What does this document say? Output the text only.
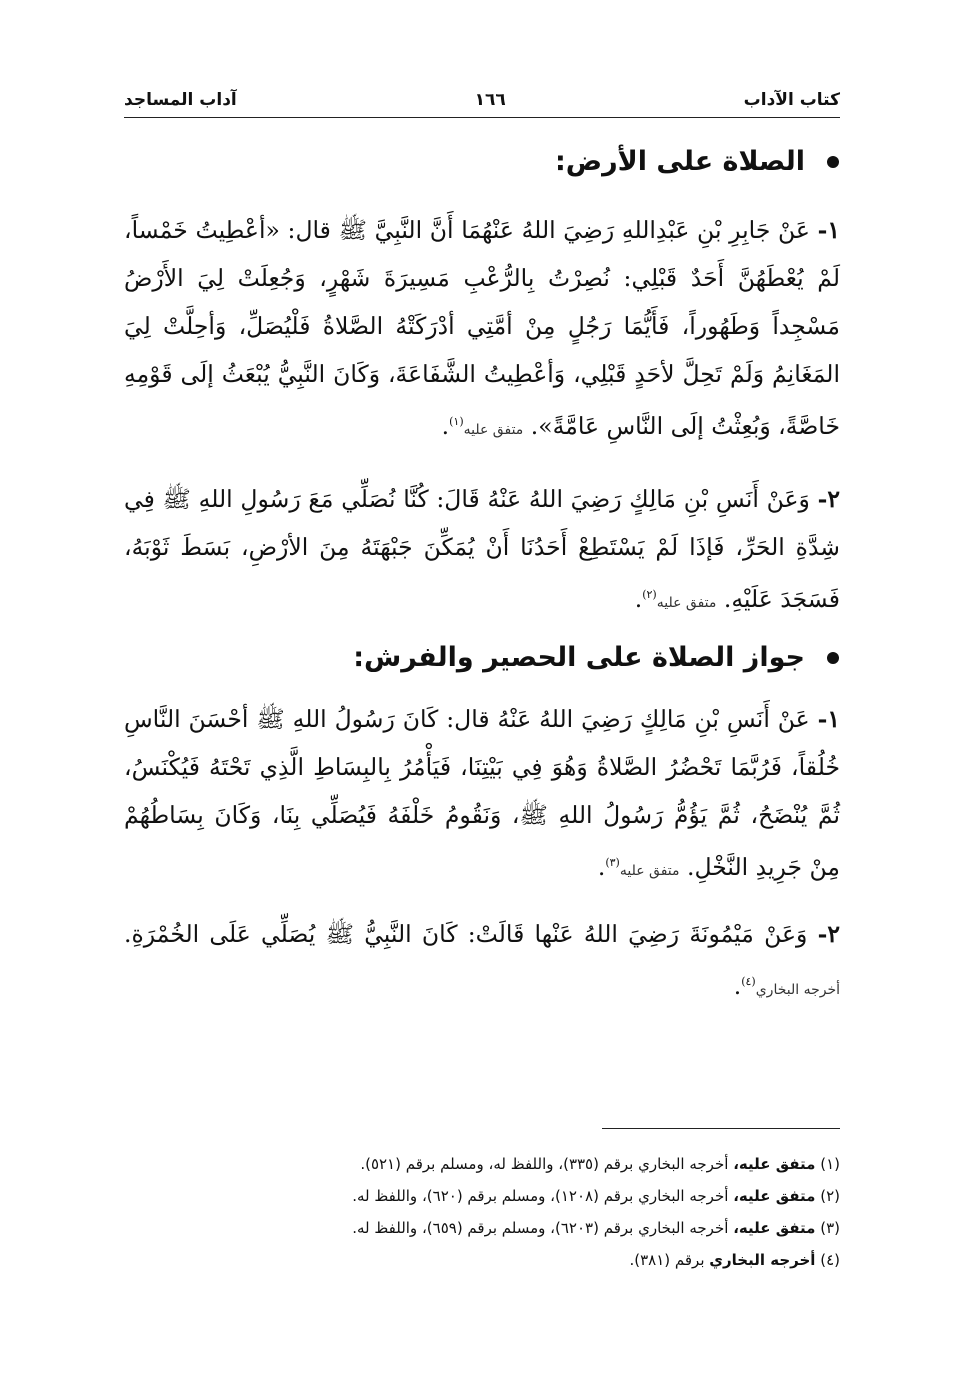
كتاب الآداب
١٦٦
آداب المساجد
الصلاة على الأرض:
١- عَنْ جَابِرِ بْنِ عَبْدِاللهِ رَضِيَ اللهُ عَنْهُمَا أَنَّ النَّبِيَّ ﷺ قال: «أعْطِيتُ خَمْساً، لَمْ يُعْطَهُنَّ أَحَدٌ قَبْلِي: نُصِرْتُ بِالرُّعْبِ مَسِيرَةَ شَهْرٍ، وَجُعِلَتْ لِيَ الأَرْضُ مَسْجِداً وَطَهُوراً، فَأَيُّمَا رَجُلٍ مِنْ أمَّتِي أدْرَكَتْهُ الصَّلاةُ فَلْيُصَلِّ، وَأحِلَّتْ لِيَ المَغَانِمُ وَلَمْ تَحِلَّ لأحَدٍ قَبْلِي، وَأعْطِيتُ الشَّفَاعَةَ، وَكَانَ النَّبِيُّ يُبْعَثُ إلَى قَوْمِهِ خَاصَّةً، وَبُعِثْتُ إلَى النَّاسِ عَامَّةً». متفق عليه$^{(١)}$.
٢- وَعَنْ أَنَسِ بْنِ مَالِكٍ رَضِيَ اللهُ عَنْهُ قَالَ: كُنَّا نُصَلِّي مَعَ رَسُولِ اللهِ ﷺ فِي شِدَّةِ الحَرِّ، فَإذَا لَمْ يَسْتَطِعْ أَحَدُنَا أَنْ يُمَكِّنَ جَبْهَتَهُ مِنَ الأرْضِ، بَسَطَ ثَوْبَهُ، فَسَجَدَ عَلَيْهِ. متفق عليه$^{(٢)}$.
جواز الصلاة على الحصير والفرش:
١- عَنْ أَنَسِ بْنِ مَالِكٍ رَضِيَ اللهُ عَنْهُ قال: كَانَ رَسُولُ اللهِ ﷺ أحْسَنَ النَّاسِ خُلُقاً، فَرُبَّمَا تَحْضُرُ الصَّلاةُ وَهُوَ فِي بَيْتِنَا، فَيَأْمُرُ بِالبِسَاطِ الَّذِي تَحْتَهُ فَيُكْنَسُ، ثُمَّ يُنْضَحُ، ثُمَّ يَؤُمُّ رَسُولُ اللهِ ﷺ، وَنَقُومُ خَلْفَهُ فَيُصَلِّي بِنَا، وَكَانَ بِسَاطُهُمْ مِنْ جَرِيدِ النَّخْلِ. متفق عليه$^{(٣)}$.
٢- وَعَنْ مَيْمُونَةَ رَضِيَ اللهُ عَنْها قَالَتْ: كَانَ النَّبِيُّ ﷺ يُصَلِّي عَلَى الخُمْرَةِ. أخرجه البخاري$^{(٤)}$.
(١) متفق عليه، أخرجه البخاري برقم (٣٣٥)، واللفظ له، ومسلم برقم (٥٢١).
(٢) متفق عليه، أخرجه البخاري برقم (١٢٠٨)، ومسلم برقم (٦٢٠)، واللفظ له.
(٣) متفق عليه، أخرجه البخاري برقم (٦٢٠٣)، ومسلم برقم (٦٥٩)، واللفظ له.
(٤) أخرجه البخاري برقم (٣٨١).
